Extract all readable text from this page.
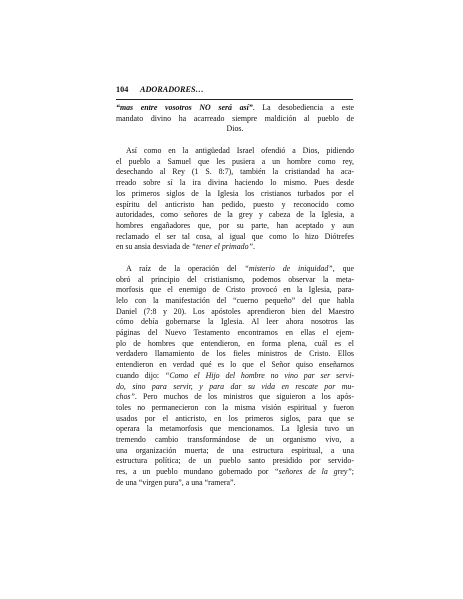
104 ADORADORES…
“mas entre vosotros NO será así”. La desobediencia a este
mandato divino ha acarreado siempre maldición al pueblo de
Dios.
Así como en la antigüedad Israel ofendió a Dios, pidiendo
el pueblo a Samuel que les pusiera a un hombre como rey,
desechando al Rey (1 S. 8:7), también la cristiandad ha aca-
rreado sobre sí la ira divina haciendo lo mismo. Pues desde
los primeros siglos de la Iglesia los cristianos turbados por el
espíritu del anticristo han pedido, puesto y reconocido como
autoridades, como señores de la grey y cabeza de la Iglesia, a
hombres engañadores que, por su parte, han aceptado y aun
reclamado el ser tal cosa, al igual que como lo hizo Diótrefes
en su ansia desviada de “tener el primado”.
A raíz de la operación del “misterio de iniquidad”, que
obró al principio del cristianismo, podemos observar la meta-
morfosis que el enemigo de Cristo provocó en la Iglesia, para-
lelo con la manifestación del “cuerno pequeño” del que habla
Daniel (7:8 y 20). Los apóstoles aprendieron bien del Maestro
cómo debía gobernarse la Iglesia. Al leer ahora nosotros las
páginas del Nuevo Testamento encontramos en ellas el ejem-
plo de hombres que entendieron, en forma plena, cuál es el
verdadero llamamiento de los fieles ministros de Cristo. Ellos
entendieron en verdad qué es lo que el Señor quiso enseñarnos
cuando dijo: “Como el Hijo del hombre no vino par ser servi-
do, sino para servir, y para dar su vida en rescate por mu-
chos”. Pero muchos de los ministros que siguieron a los após-
toles no permanecieron con la misma visión espiritual y fueron
usados por el anticristo, en los primeros siglos, para que se
operara la metamorfosis que mencionamos. La Iglesia tuvo un
tremendo cambio transformándose de un organismo vivo, a
una organización muerta; de una estructura espiritual, a una
estructura política; de un pueblo santo presidido por servido-
res, a un pueblo mundano gobernado por “señores de la grey”;
de una “virgen pura”, a una “ramera”.
